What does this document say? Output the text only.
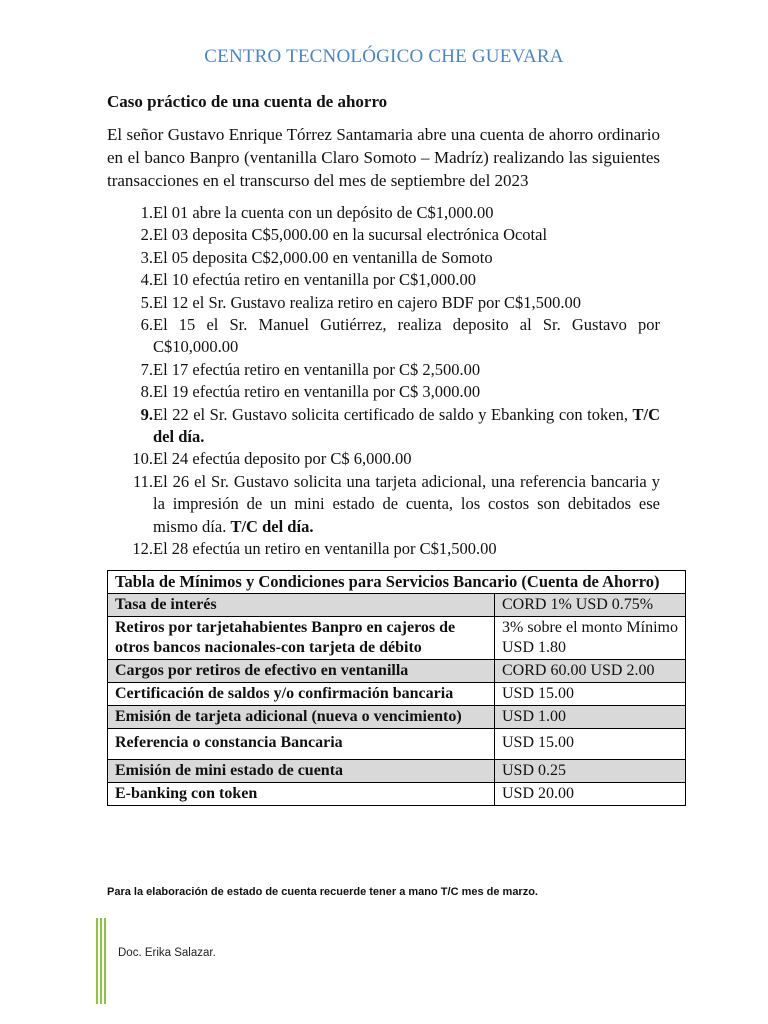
CENTRO TECNOLÓGICO CHE GUEVARA
Caso práctico de una cuenta de ahorro

El señor Gustavo Enrique Tórrez Santamaria abre una cuenta de ahorro ordinario en el banco Banpro (ventanilla Claro Somoto – Madríz) realizando las siguientes transacciones en el transcurso del mes de septiembre del 2023

1. El 01 abre la cuenta con un depósito de C$1,000.00
2. El 03 deposita C$5,000.00 en la sucursal electrónica Ocotal
3. El 05 deposita C$2,000.00 en ventanilla de Somoto
4. El 10 efectúa retiro en ventanilla por C$1,000.00
5. El 12 el Sr. Gustavo realiza retiro en cajero BDF por C$1,500.00
6. El 15 el Sr. Manuel Gutiérrez, realiza deposito al Sr. Gustavo por C$10,000.00
7. El 17 efectúa retiro en ventanilla por C$ 2,500.00
8. El 19 efectúa retiro en ventanilla por C$ 3,000.00
9. El 22 el Sr. Gustavo solicita certificado de saldo y Ebanking con token, T/C del día.
10. El 24 efectúa deposito por C$ 6,000.00
11. El 26 el Sr. Gustavo solicita una tarjeta adicional, una referencia bancaria y la impresión de un mini estado de cuenta, los costos son debitados ese mismo día. T/C del día.
12. El 28 efectúa un retiro en ventanilla por C$1,500.00
Tabla de Mínimos y Condiciones para Servicios Bancario (Cuenta de Ahorro)	
Tasa de interés	CORD 1% USD 0.75%
Retiros por tarjetahabientes Banpro en cajeros de otros bancos nacionales-con tarjeta de débito	3% sobre el monto Mínimo USD 1.80
Cargos por retiros de efectivo en ventanilla	CORD 60.00 USD 2.00
Certificación de saldos y/o confirmación bancaria	USD 15.00
Emisión de tarjeta adicional (nueva o vencimiento)	USD 1.00
Referencia o constancia Bancaria	USD 15.00
Emisión de mini estado de cuenta	USD 0.25
E-banking con token	USD 20.00
Para la elaboración de estado de cuenta recuerde tener a mano T/C mes de marzo.
Doc. Erika Salazar.
